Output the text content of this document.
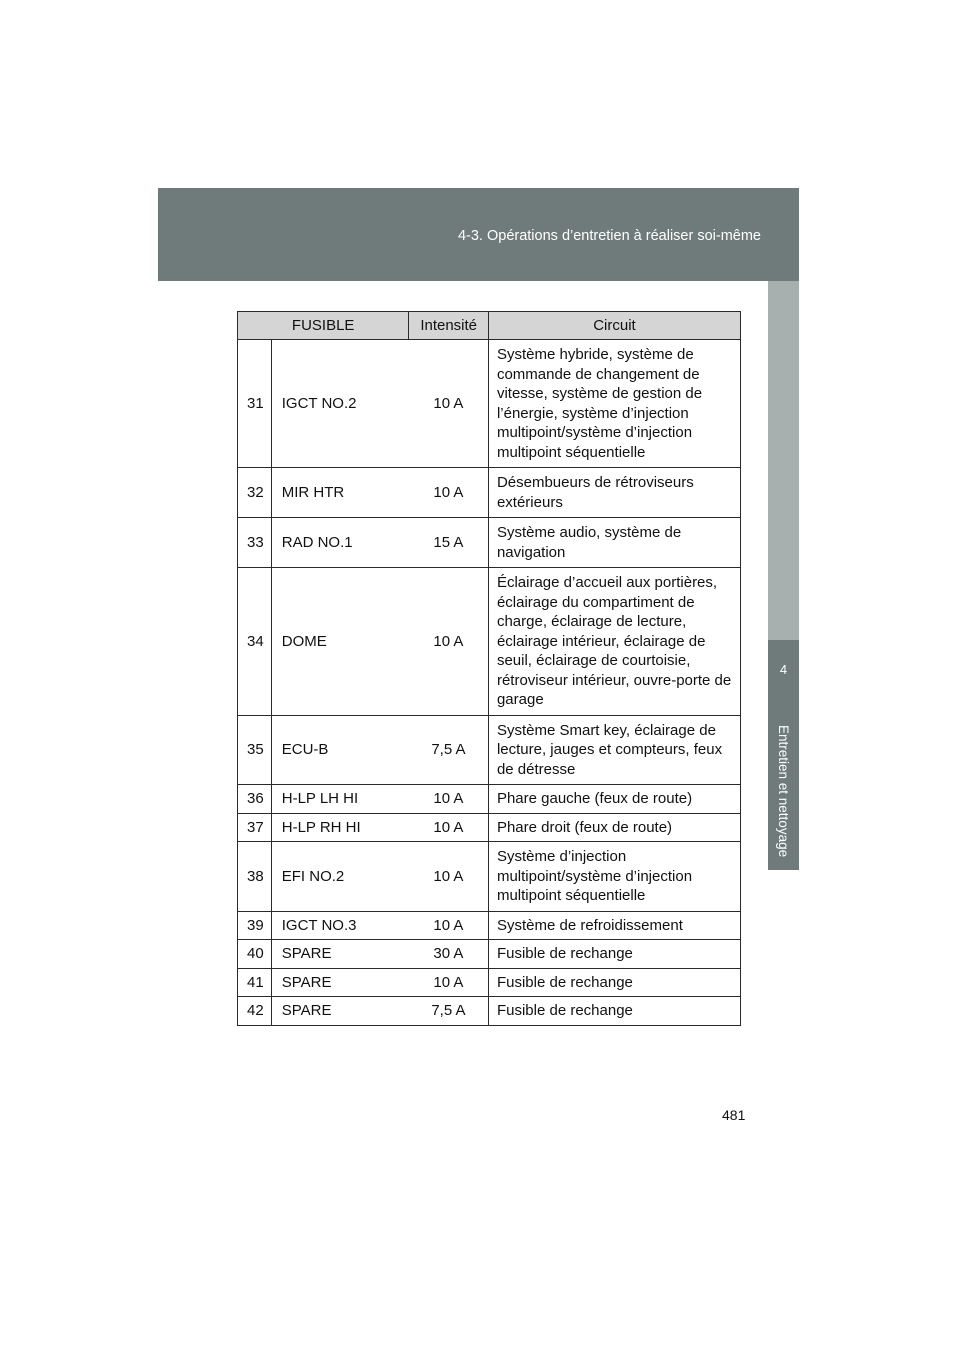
4-3. Opérations d’entretien à réaliser soi-même
4
Entretien et nettoyage
FUSIBLE		Intensité	Circuit
31	IGCT NO.2	10 A	Système hybride, système de commande de changement de vitesse, système de gestion de l’énergie, système d’injection multipoint/système d’injection multipoint séquentielle
32	MIR HTR	10 A	Désembueurs de rétroviseurs extérieurs
33	RAD NO.1	15 A	Système audio, système de navigation
34	DOME	10 A	Éclairage d’accueil aux portières, éclairage du compartiment de charge, éclairage de lecture, éclairage intérieur, éclairage de seuil, éclairage de courtoisie, rétroviseur intérieur, ouvre-porte de garage
35	ECU-B	7,5 A	Système Smart key, éclairage de lecture, jauges et compteurs, feux de détresse
36	H-LP LH HI	10 A	Phare gauche (feux de route)
37	H-LP RH HI	10 A	Phare droit (feux de route)
38	EFI NO.2	10 A	Système d’injection multipoint/système d’injection multipoint séquentielle
39	IGCT NO.3	10 A	Système de refroidissement
40	SPARE	30 A	Fusible de rechange
41	SPARE	10 A	Fusible de rechange
42	SPARE	7,5 A	Fusible de rechange
481
